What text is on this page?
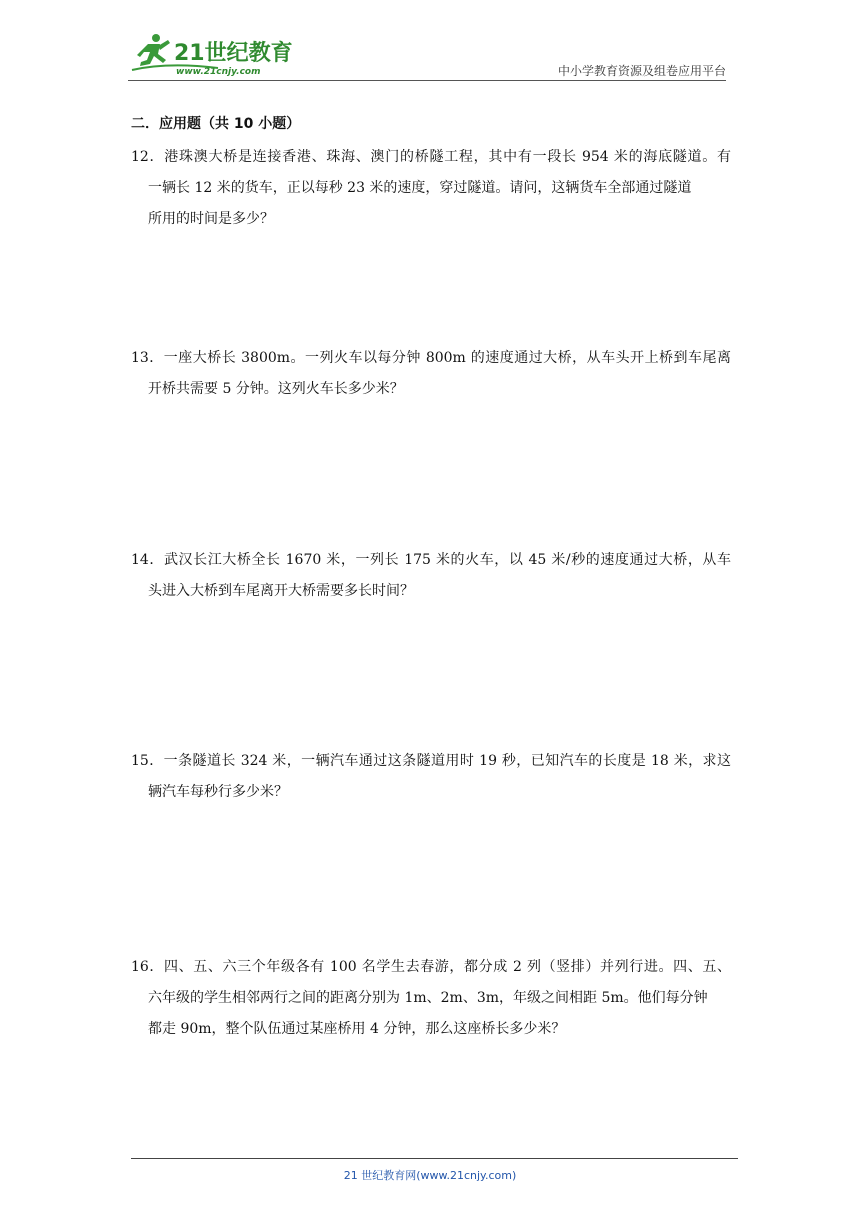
21世纪教育
www.21cnjy.com	中小学教育资源及组卷应用平台
二．应用题（共 10 小题）
12．港珠澳大桥是连接香港、珠海、澳门的桥隧工程，其中有一段长 954 米的海底隧道。有
一辆长 12 米的货车，正以每秒 23 米的速度，穿过隧道。请问，这辆货车全部通过隧道
所用的时间是多少？
13．一座大桥长 3800m。一列火车以每分钟 800m 的速度通过大桥，从车头开上桥到车尾离
开桥共需要 5 分钟。这列火车长多少米？
14．武汉长江大桥全长 1670 米，一列长 175 米的火车，以 45 米/秒的速度通过大桥，从车
头进入大桥到车尾离开大桥需要多长时间？
15．一条隧道长 324 米，一辆汽车通过这条隧道用时 19 秒，已知汽车的长度是 18 米，求这
辆汽车每秒行多少米？
16．四、五、六三个年级各有 100 名学生去春游，都分成 2 列（竖排）并列行进。四、五、
六年级的学生相邻两行之间的距离分别为 1m、2m、3m，年级之间相距 5m。他们每分钟
都走 90m，整个队伍通过某座桥用 4 分钟，那么这座桥长多少米？
21 世纪教育网(www.21cnjy.com)
